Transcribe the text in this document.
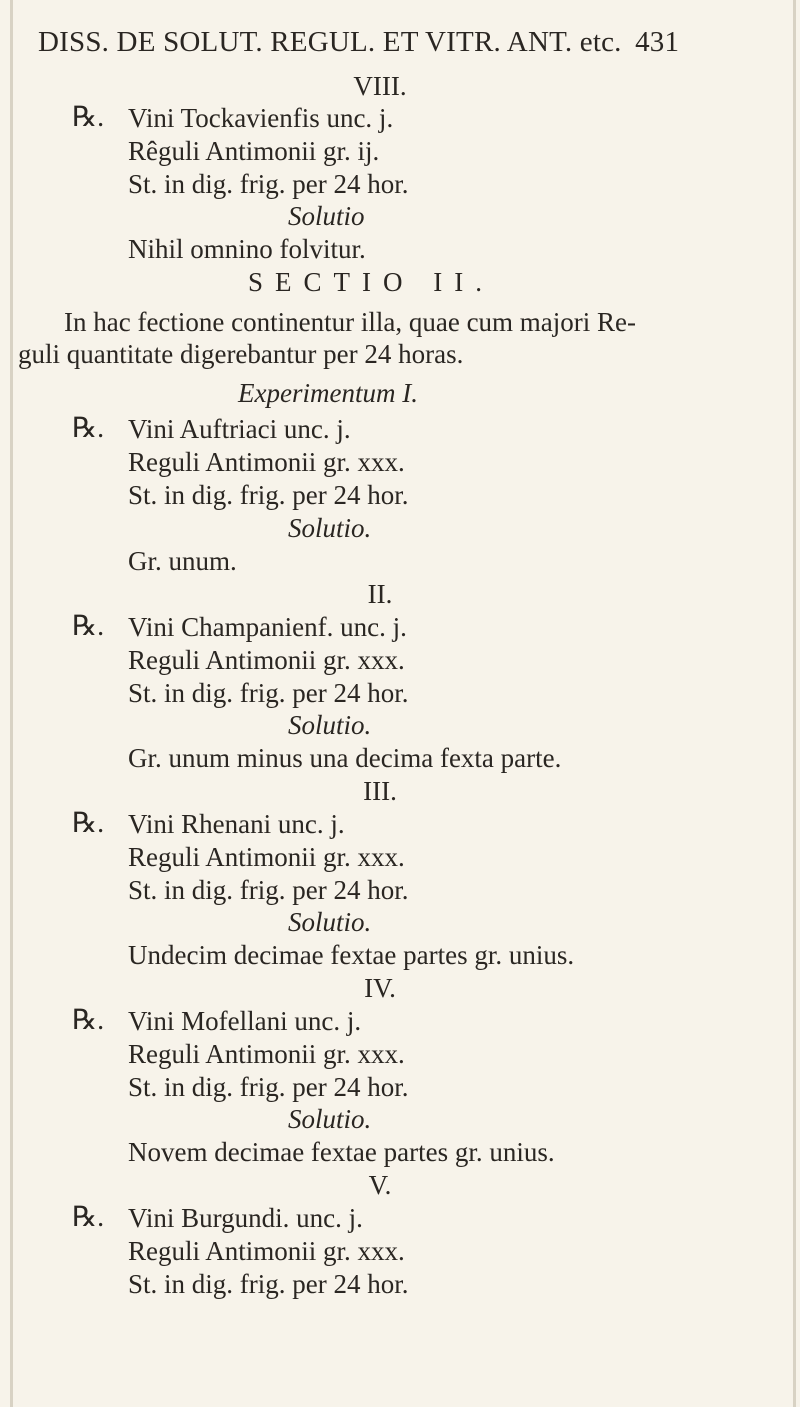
DISS. DE SOLUT. REGUL. ET VITR. ANT. etc. 431
VIII.
℞. Vini Tockavienfis unc. j.
Rêguli Antimonii gr. ij.
St. in dig. frig. per 24 hor.
Solutio
Nihil omnino folvitur.
SECTIO II.
In hac fectione continentur illa, quae cum majori Re-
guli quantitate digerebantur per 24 horas.
Experimentum I.
℞. Vini Auftriaci unc. j.
Reguli Antimonii gr. xxx.
St. in dig. frig. per 24 hor.
Solutio.
Gr. unum.
II.
℞. Vini Champanienf. unc. j.
Reguli Antimonii gr. xxx.
St. in dig. frig. per 24 hor.
Solutio.
Gr. unum minus una decima fexta parte.
III.
℞. Vini Rhenani unc. j.
Reguli Antimonii gr. xxx.
St. in dig. frig. per 24 hor.
Solutio.
Undecim decimae fextae partes gr. unius.
IV.
℞. Vini Mofellani unc. j.
Reguli Antimonii gr. xxx.
St. in dig. frig. per 24 hor.
Solutio.
Novem decimae fextae partes gr. unius.
V.
℞. Vini Burgundi. unc. j.
Reguli Antimonii gr. xxx.
St. in dig. frig. per 24 hor.
